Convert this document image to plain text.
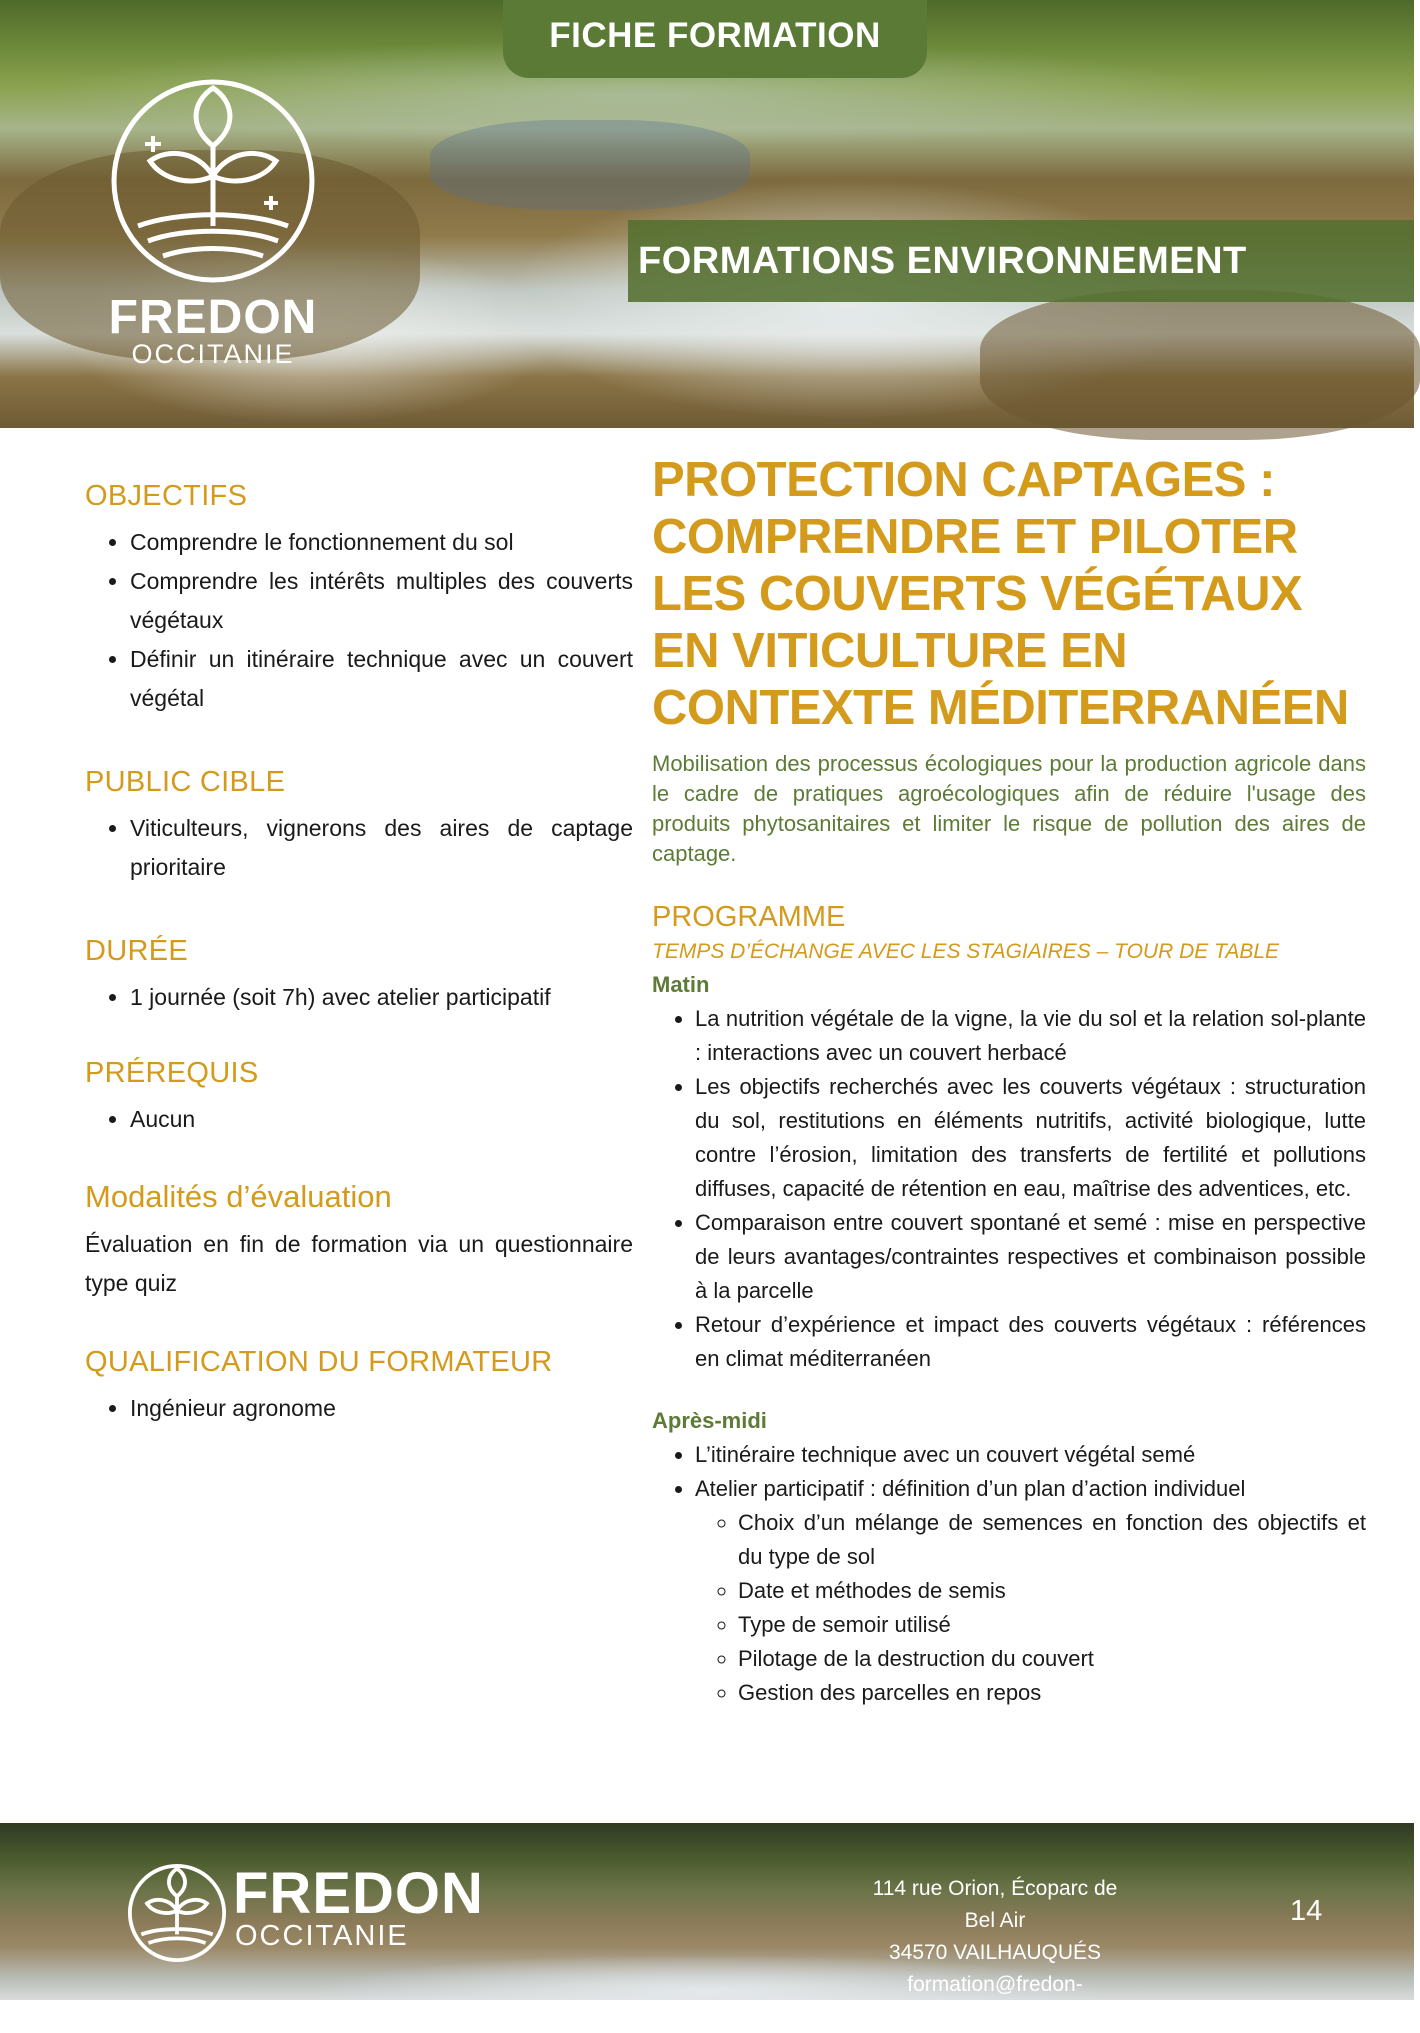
FICHE FORMATION
FREDON
OCCITANIE
FORMATIONS ENVIRONNEMENT
OBJECTIFS
• Comprendre le fonctionnement du sol
• Comprendre les intérêts multiples des couverts végétaux
• Définir un itinéraire technique avec un couvert végétal
PUBLIC CIBLE
• Viticulteurs, vignerons des aires de captage prioritaire
DURÉE
• 1 journée (soit 7h) avec atelier participatif
PRÉREQUIS
• Aucun
Modalités d’évaluation

Évaluation en fin de formation via un questionnaire type quiz

QUALIFICATION DU FORMATEUR
• Ingénieur agronome
PROTECTION CAPTAGES : COMPRENDRE ET PILOTER LES COUVERTS VÉGÉTAUX EN VITICULTURE EN CONTEXTE MÉDITERRANÉEN

Mobilisation des processus écologiques pour la production agricole dans le cadre de pratiques agroécologiques afin de réduire l'usage des produits phytosanitaires et limiter le risque de pollution des aires de captage.

PROGRAMME
TEMPS D’ÉCHANGE AVEC LES STAGIAIRES – TOUR DE TABLE
Matin
• La nutrition végétale de la vigne, la vie du sol et la relation sol-plante : interactions avec un couvert herbacé
• Les objectifs recherchés avec les couverts végétaux : structuration du sol, restitutions en éléments nutritifs, activité biologique, lutte contre l’érosion, limitation des transferts de fertilité et pollutions diffuses, capacité de rétention en eau, maîtrise des adventices, etc.
• Comparaison entre couvert spontané et semé : mise en perspective de leurs avantages/contraintes respectives et combinaison possible à la parcelle
• Retour d’expérience et impact des couverts végétaux : références en climat méditerranéen
Après-midi
• L’itinéraire technique avec un couvert végétal semé
• Atelier participatif : définition d’un plan d’action individuel
◦ Choix d’un mélange de semences en fonction des objectifs et du type de sol
◦ Date et méthodes de semis
◦ Type de semoir utilisé
◦ Pilotage de la destruction du couvert
◦ Gestion des parcelles en repos
FREDON
OCCITANIE
114 rue Orion, Écoparc de Bel Air
34570 VAILHAUQUÉS
formation@fredon-occitanie.fr
14
